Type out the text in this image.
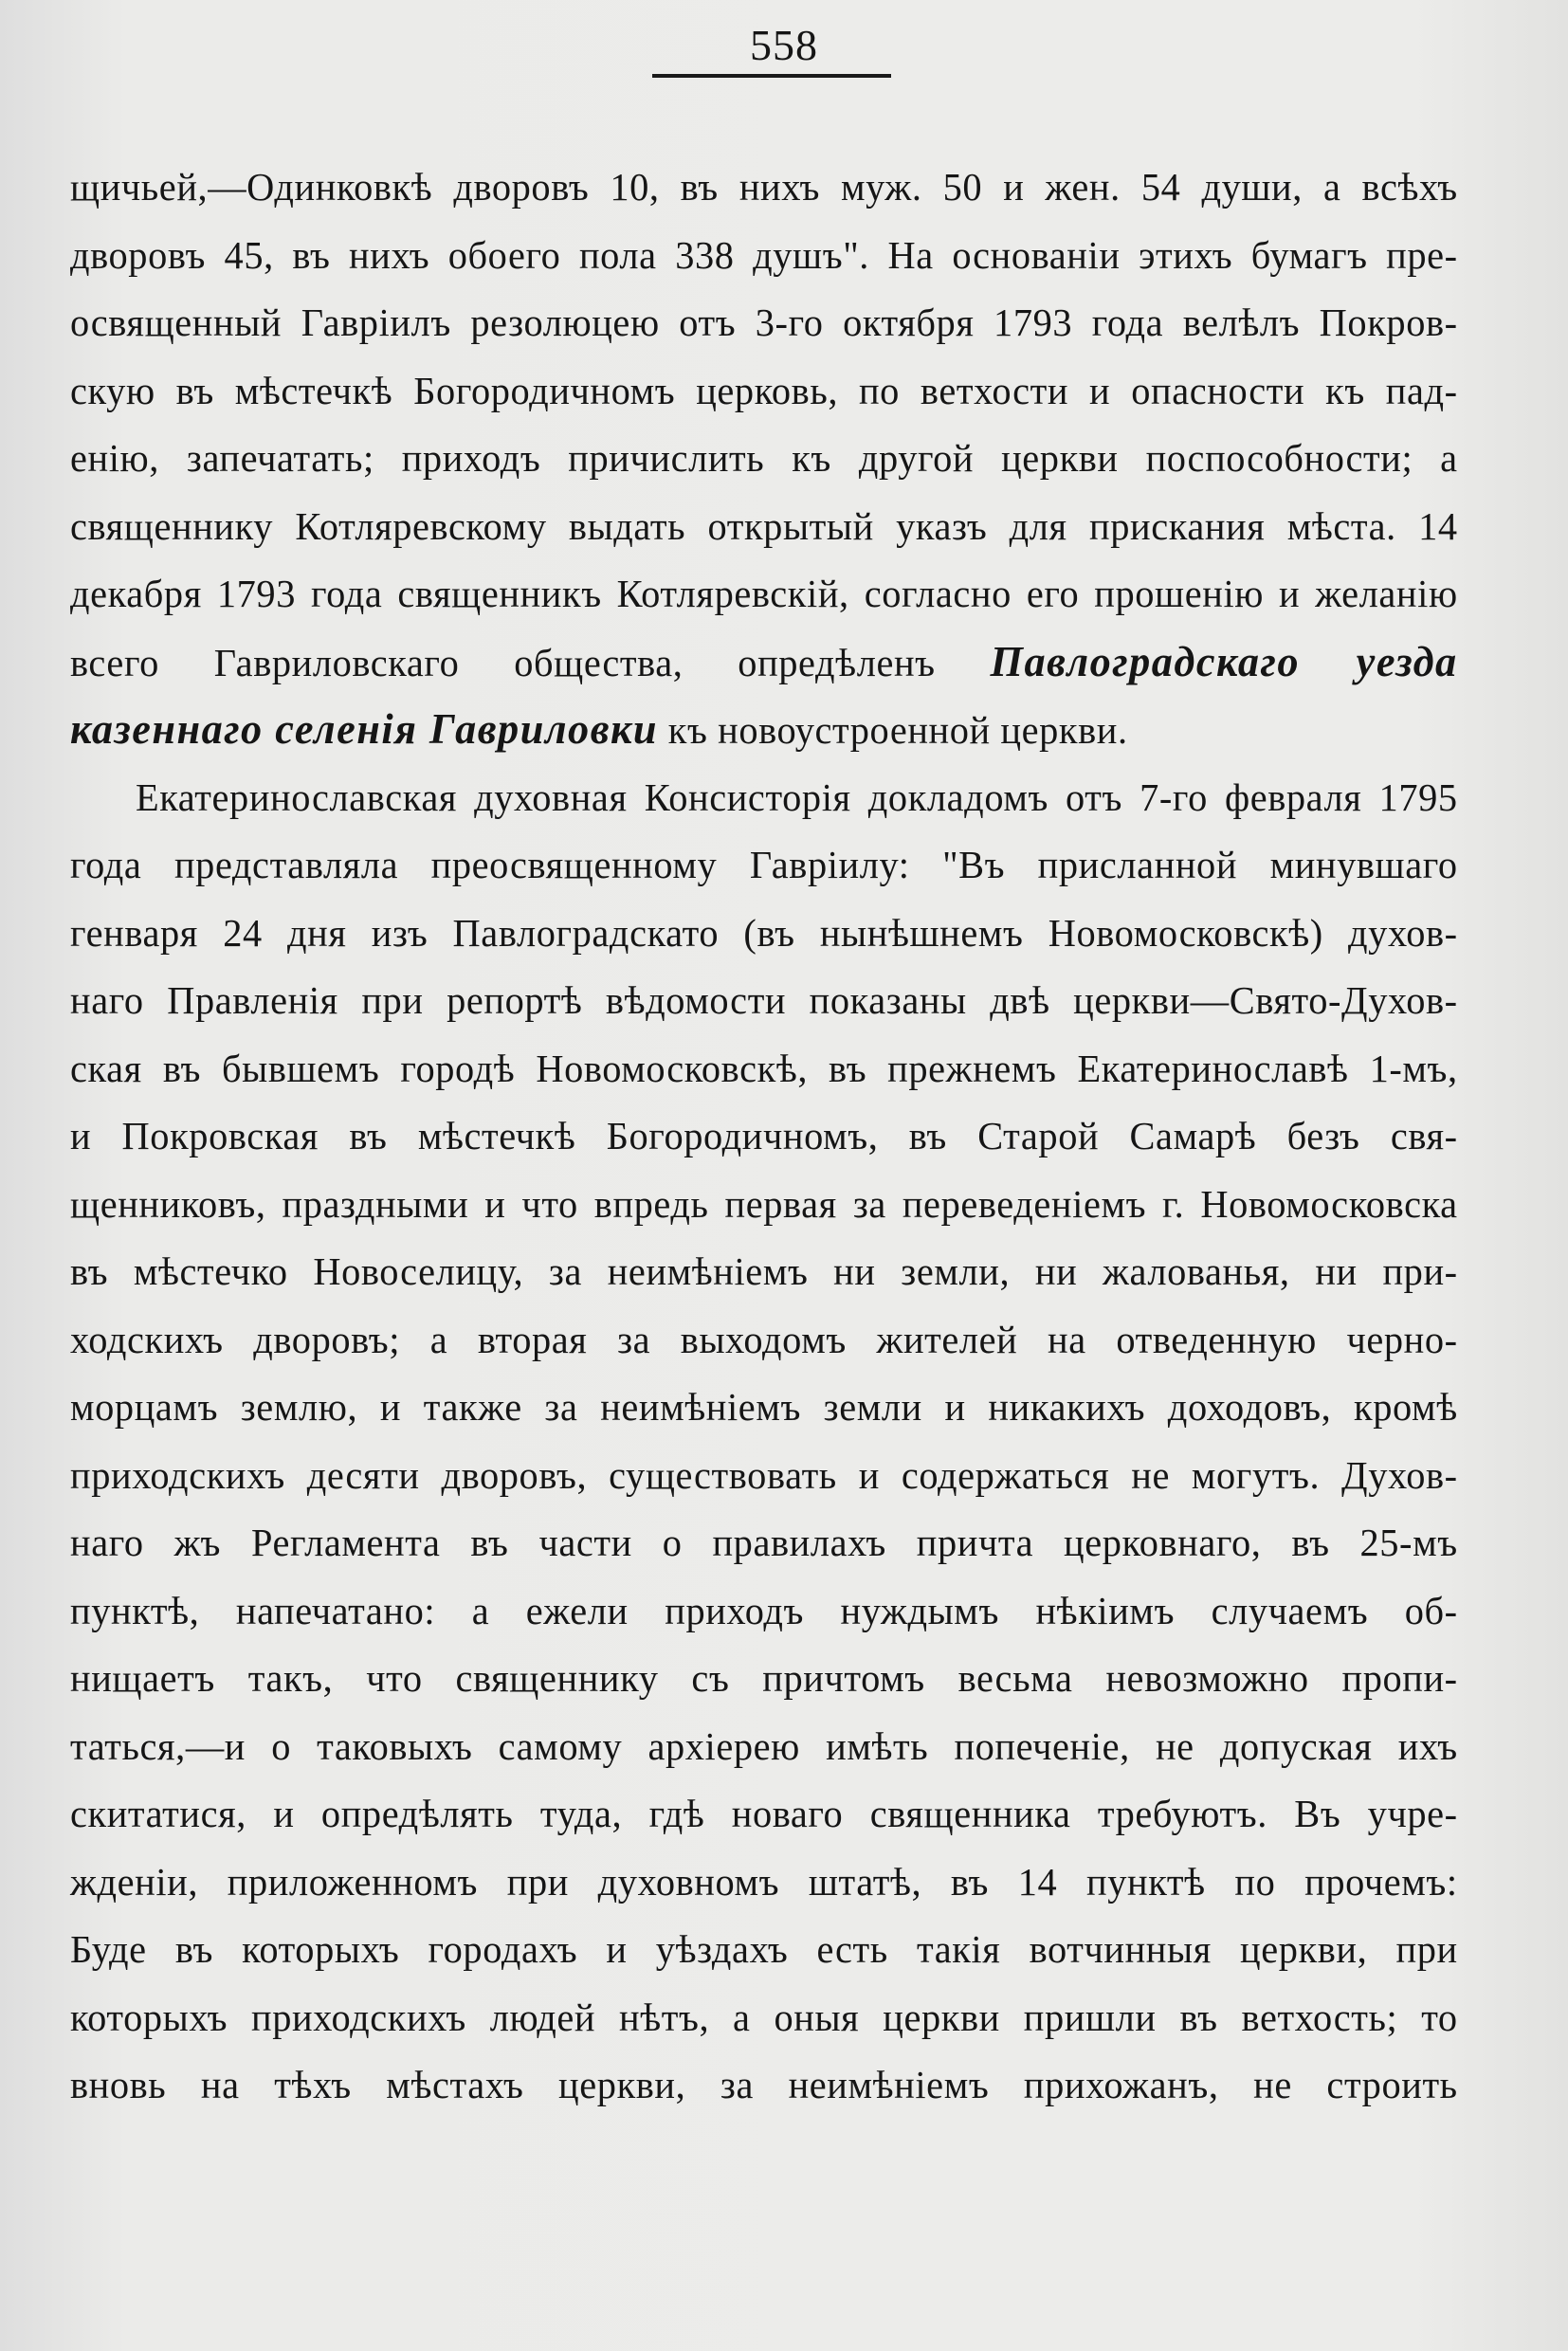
558
щичьей,—Одинковкѣ дворовъ 10, въ нихъ муж. 50 и жен. 54 души, а всѣхъ
дворовъ 45, въ нихъ обоего пола 338 душъ". На основаніи этихъ бумагъ пре-
освященный Гавріилъ резолюцею отъ 3-го октября 1793 года велѣлъ Покров-
скую въ мѣстечкѣ Богородичномъ церковь, по ветхости и опасности къ пад-
енію, запечатать; приходъ причислить къ другой церкви поспособности; а
священнику Котляревскому выдать открытый указъ для прискания мѣста. 14
декабря 1793 года священникъ Котляревскій, согласно его прошенію и желанію
всего Гавриловскаго общества, опредѣленъ Павлоградскаго уезда
казеннаго селенія Гавриловки къ новоустроенной церкви.
Екатеринославская духовная Консисторія докладомъ отъ 7-го февраля 1795
года представляла преосвященному Гавріилу: "Въ присланной минувшаго
генваря 24 дня изъ Павлоградскато (въ нынѣшнемъ Новомосковскѣ) духов-
наго Правленія при репортѣ вѣдомости показаны двѣ церкви—Свято-Духов-
ская въ бывшемъ городѣ Новомосковскѣ, въ прежнемъ Екатеринославѣ 1-мъ,
и Покровская въ мѣстечкѣ Богородичномъ, въ Старой Самарѣ безъ свя-
щенниковъ, праздными и что впредь первая за переведеніемъ г. Новомосковска
въ мѣстечко Новоселицу, за неимѣніемъ ни земли, ни жалованья, ни при-
ходскихъ дворовъ; а вторая за выходомъ жителей на отведенную черно-
морцамъ землю, и также за неимѣніемъ земли и никакихъ доходовъ, кромѣ
приходскихъ десяти дворовъ, существовать и содержаться не могутъ. Духов-
наго жъ Регламента въ части о правилахъ причта церковнаго, въ 25-мъ
пунктѣ, напечатано: а ежели приходъ нуждымъ нѣкіимъ случаемъ об-
нищаетъ такъ, что священнику съ причтомъ весьма невозможно пропи-
таться,—и о таковыхъ самому архіерею имѣть попеченіе, не допуская ихъ
скитатися, и опредѣлять туда, гдѣ новаго священника требуютъ. Въ учре-
жденіи, приложенномъ при духовномъ штатѣ, въ 14 пунктѣ по прочемъ:
Буде въ которыхъ городахъ и уѣздахъ есть такія вотчинныя церкви, при
которыхъ приходскихъ людей нѣтъ, а оныя церкви пришли въ ветхость; то
вновь на тѣхъ мѣстахъ церкви, за неимѣніемъ прихожанъ, не строить
